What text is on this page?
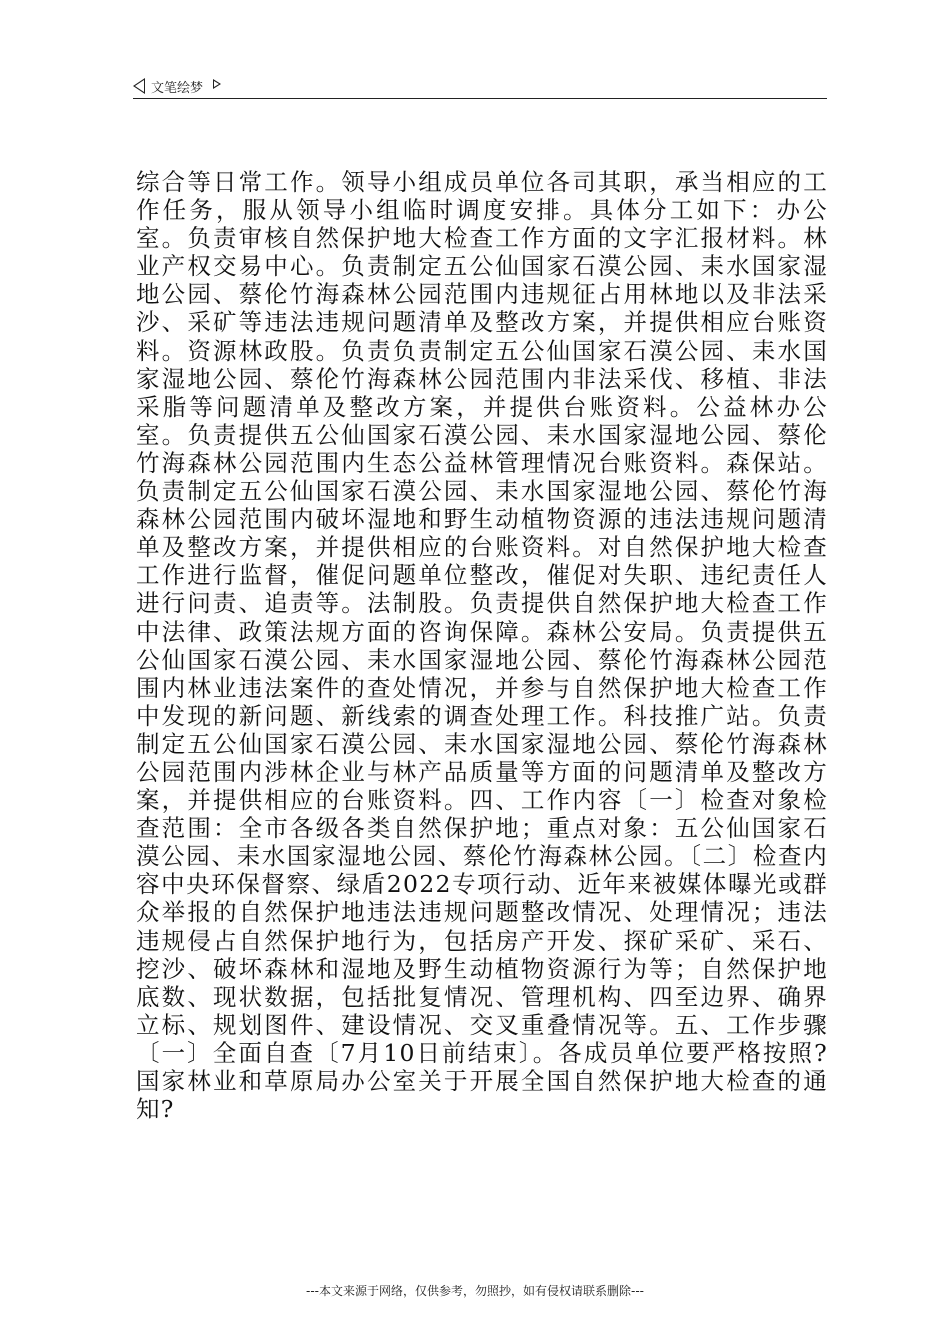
文笔绘梦

综合等日常工作。领导小组成员单位各司其职，承当相应的工作任务，服从领导小组临时调度安排。具体分工如下：办公室。负责审核自然保护地大检查工作方面的文字汇报材料。林业产权交易中心。负责制定五公仙国家石漠公园、耒水国家湿地公园、蔡伦竹海森林公园范围内违规征占用林地以及非法采沙、采矿等违法违规问题清单及整改方案，并提供相应台账资料。资源林政股。负责负责制定五公仙国家石漠公园、耒水国家湿地公园、蔡伦竹海森林公园范围内非法采伐、移植、非法采脂等问题清单及整改方案，并提供台账资料。公益林办公室。负责提供五公仙国家石漠公园、耒水国家湿地公园、蔡伦竹海森林公园范围内生态公益林管理情况台账资料。森保站。负责制定五公仙国家石漠公园、耒水国家湿地公园、蔡伦竹海森林公园范围内破坏湿地和野生动植物资源的违法违规问题清单及整改方案，并提供相应的台账资料。对自然保护地大检查工作进行监督，催促问题单位整改，催促对失职、违纪责任人进行问责、追责等。法制股。负责提供自然保护地大检查工作中法律、政策法规方面的咨询保障。森林公安局。负责提供五公仙国家石漠公园、耒水国家湿地公园、蔡伦竹海森林公园范围内林业违法案件的查处情况，并参与自然保护地大检查工作中发现的新问题、新线索的调查处理工作。科技推广站。负责制定五公仙国家石漠公园、耒水国家湿地公园、蔡伦竹海森林公园范围内涉林企业与林产品质量等方面的问题清单及整改方案，并提供相应的台账资料。四、工作内容〔一〕检查对象检查范围：全市各级各类自然保护地；重点对象：五公仙国家石漠公园、耒水国家湿地公园、蔡伦竹海森林公园。〔二〕检查内容中央环保督察、绿盾2022专项行动、近年来被媒体曝光或群众举报的自然保护地违法违规问题整改情况、处理情况；违法违规侵占自然保护地行为，包括房产开发、探矿采矿、采石、挖沙、破坏森林和湿地及野生动植物资源行为等；自然保护地底数、现状数据，包括批复情况、管理机构、四至边界、确界立标、规划图件、建设情况、交叉重叠情况等。五、工作步骤〔一〕全面自查〔7月10日前结束〕。各成员单位要严格按照?国家林业和草原局办公室关于开展全国自然保护地大检查的通知?

---本文来源于网络，仅供参考，勿照抄，如有侵权请联系删除---
